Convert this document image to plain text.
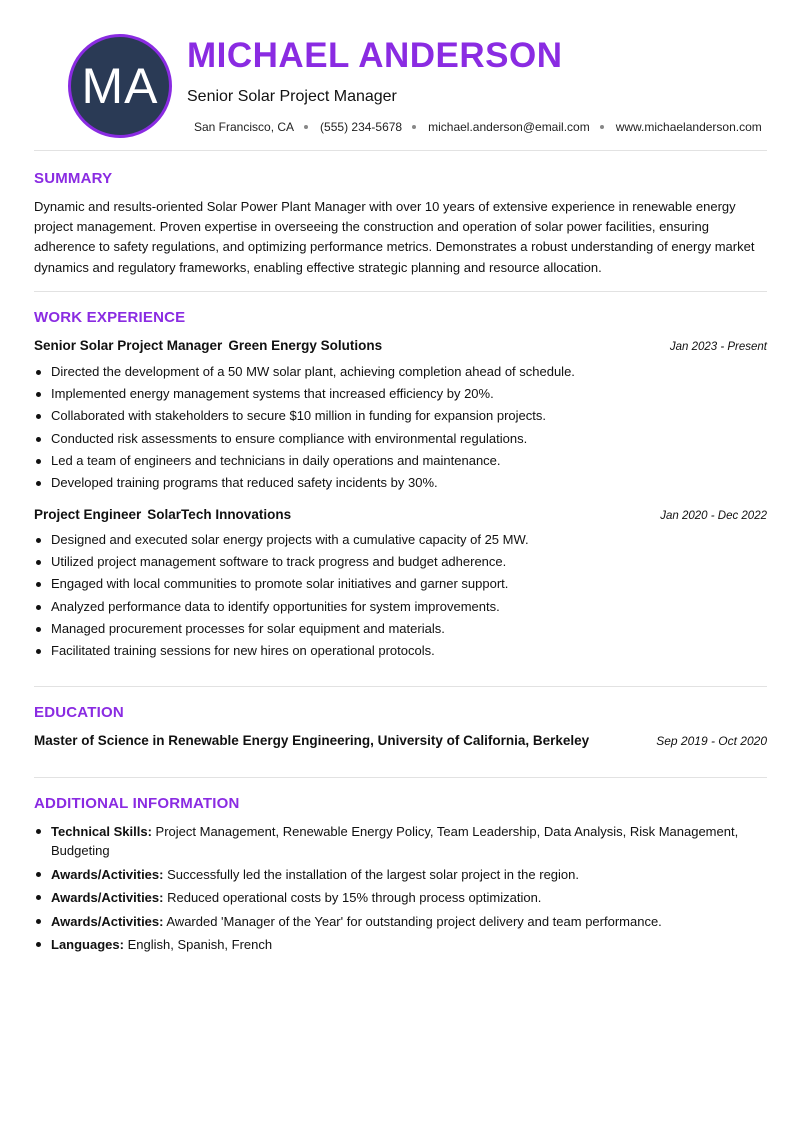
MA
MICHAEL ANDERSON
Senior Solar Project Manager
San Francisco, CA (555) 234-5678 michael.anderson@email.com www.michaelanderson.com
SUMMARY

Dynamic and results-oriented Solar Power Plant Manager with over 10 years of extensive experience in renewable energy project management. Proven expertise in overseeing the construction and operation of solar power facilities, ensuring adherence to safety regulations, and optimizing performance metrics. Demonstrates a robust understanding of energy market dynamics and regulatory frameworks, enabling effective strategic planning and resource allocation.

WORK EXPERIENCE
Senior Solar Project Manager Green Energy Solutions	Jan 2023 - Present
Directed the development of a 50 MW solar plant, achieving completion ahead of schedule.
Implemented energy management systems that increased efficiency by 20%.
Collaborated with stakeholders to secure $10 million in funding for expansion projects.
Conducted risk assessments to ensure compliance with environmental regulations.
Led a team of engineers and technicians in daily operations and maintenance.
Developed training programs that reduced safety incidents by 30%.
Project Engineer SolarTech Innovations	Jan 2020 - Dec 2022
Designed and executed solar energy projects with a cumulative capacity of 25 MW.
Utilized project management software to track progress and budget adherence.
Engaged with local communities to promote solar initiatives and garner support.
Analyzed performance data to identify opportunities for system improvements.
Managed procurement processes for solar equipment and materials.
Facilitated training sessions for new hires on operational protocols.
EDUCATION
Master of Science in Renewable Energy Engineering, University of California, Berkeley	Sep 2019 - Oct 2020
ADDITIONAL INFORMATION
Technical Skills: Project Management, Renewable Energy Policy, Team Leadership, Data Analysis, Risk Management, Budgeting
Awards/Activities: Successfully led the installation of the largest solar project in the region.
Awards/Activities: Reduced operational costs by 15% through process optimization.
Awards/Activities: Awarded 'Manager of the Year' for outstanding project delivery and team performance.
Languages: English, Spanish, French
